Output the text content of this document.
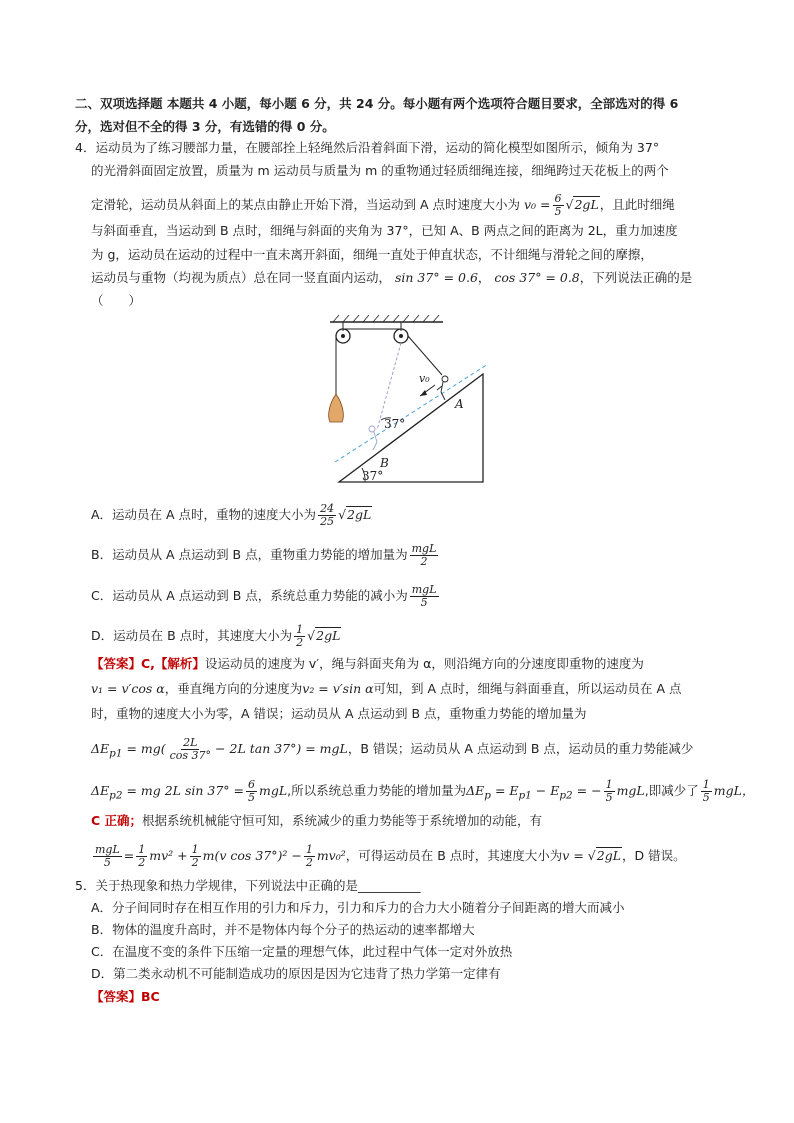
二、双项选择题 本题共 4 小题，每小题 6 分，共 24 分。每小题有两个选项符合题目要求，全部选对的得 6
分，选对但不全的得 3 分，有选错的得 0 分。
4．运动员为了练习腰部力量，在腰部拴上轻绳然后沿着斜面下滑，运动的简化模型如图所示，倾角为 37°
的光滑斜面固定放置，质量为 m 运动员与质量为 m 的重物通过轻质细绳连接，细绳跨过天花板上的两个
定滑轮，运动员从斜面上的某点由静止开始下滑，当运动到 A 点时速度大小为 $v_0 = \frac{6}{5} √2gL$，且此时细绳
与斜面垂直，当运动到 B 点时，细绳与斜面的夹角为 37°，已知 A、B 两点之间的距离为 2L，重力加速度
为 g，运动员在运动的过程中一直未离开斜面，细绳一直处于伸直状态，不计细绳与滑轮之间的摩擦，
运动员与重物（均视为质点）总在同一竖直面内运动， sin 37° = 0.6， cos 37° = 0.8，下列说法正确的是
（　　）
v₀
A
B
37°
37°
A．运动员在 A 点时，重物的速度大小为 $\frac{24}{25} √2gL$
B．运动员从 A 点运动到 B 点，重物重力势能的增加量为 $\frac{\text{mgL}}{2}$
C．运动员从 A 点运动到 B 点，系统总重力势能的减小为 $\frac{\text{mgL}}{5}$
D．运动员在 B 点时，其速度大小为 $\frac{1}{2} √2gL$
【答案】C,【解析】设运动员的速度为 v′，绳与斜面夹角为 α，则沿绳方向的分速度即重物的速度为
v₁ = v′cos α，垂直绳方向的分速度为v₂ = v′sin α可知，到 A 点时，细绳与斜面垂直，所以运动员在 A 点
时，重物的速度大小为零，A 错误；运动员从 A 点运动到 B 点，重物重力势能的增加量为
$\Delta E_{p1} = mg( \frac{2L}{\cos 37^\circ} - 2L$ tan 37°) = mgL，B 错误；运动员从 A 点运动到 B 点，运动员的重力势能减少
$\Delta E_{p2}$ = mg 2L $\sin 37^\circ = \frac{6}{5}$ mgL,所以系统总重力势能的增加量为$\Delta E_p = E_{p1} - E_{p2}$ = − $\frac{1}{5}$ mgL,即减少了 $\frac{1}{5}$ mgL，
C 正确；根据系统机械能守恒可知，系统减少的重力势能等于系统增加的动能，有
$\frac{\text{mgL}}{5} = \frac{1}{2} mv^2 + \frac{1}{2} m(v$ $\cos 37^\circ)^2 - \frac{1}{2} mv_0^2$，可得运动员在 B 点时，其速度大小为v = √2gL，D 错误。
5．关于热现象和热力学规律，下列说法中正确的是__________
A．分子间同时存在相互作用的引力和斥力，引力和斥力的合力大小随着分子间距离的增大而减小
B．物体的温度升高时，并不是物体内每个分子的热运动的速率都增大
C．在温度不变的条件下压缩一定量的理想气体，此过程中气体一定对外放热
D．第二类永动机不可能制造成功的原因是因为它违背了热力学第一定律有
【答案】BC
